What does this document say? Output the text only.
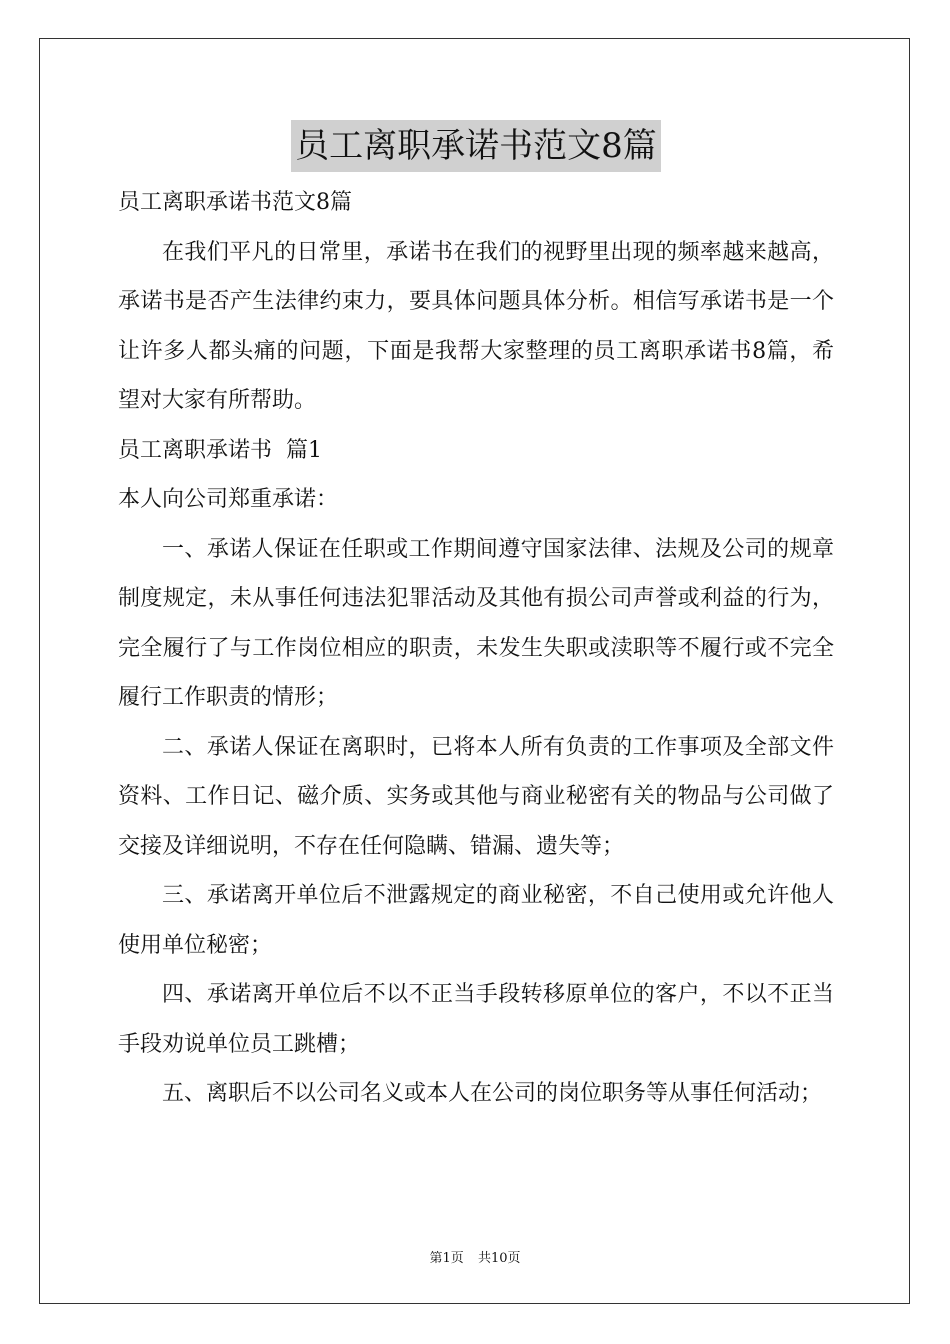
员工离职承诺书范文8篇

员工离职承诺书范文8篇

在我们平凡的日常里，承诺书在我们的视野里出现的频率越来越高，承诺书是否产生法律约束力，要具体问题具体分析。相信写承诺书是一个让许多人都头痛的问题，下面是我帮大家整理的员工离职承诺书8篇，希望对大家有所帮助。

员工离职承诺书  篇1

本人向公司郑重承诺：

一、承诺人保证在任职或工作期间遵守国家法律、法规及公司的规章制度规定，未从事任何违法犯罪活动及其他有损公司声誉或利益的行为，完全履行了与工作岗位相应的职责，未发生失职或渎职等不履行或不完全履行工作职责的情形；

二、承诺人保证在离职时，已将本人所有负责的工作事项及全部文件资料、工作日记、磁介质、实务或其他与商业秘密有关的物品与公司做了交接及详细说明，不存在任何隐瞒、错漏、遗失等；

三、承诺离开单位后不泄露规定的商业秘密，不自己使用或允许他人使用单位秘密；

四、承诺离开单位后不以不正当手段转移原单位的客户，不以不正当手段劝说单位员工跳槽；

五、离职后不以公司名义或本人在公司的岗位职务等从事任何活动；

第1页 共10页
